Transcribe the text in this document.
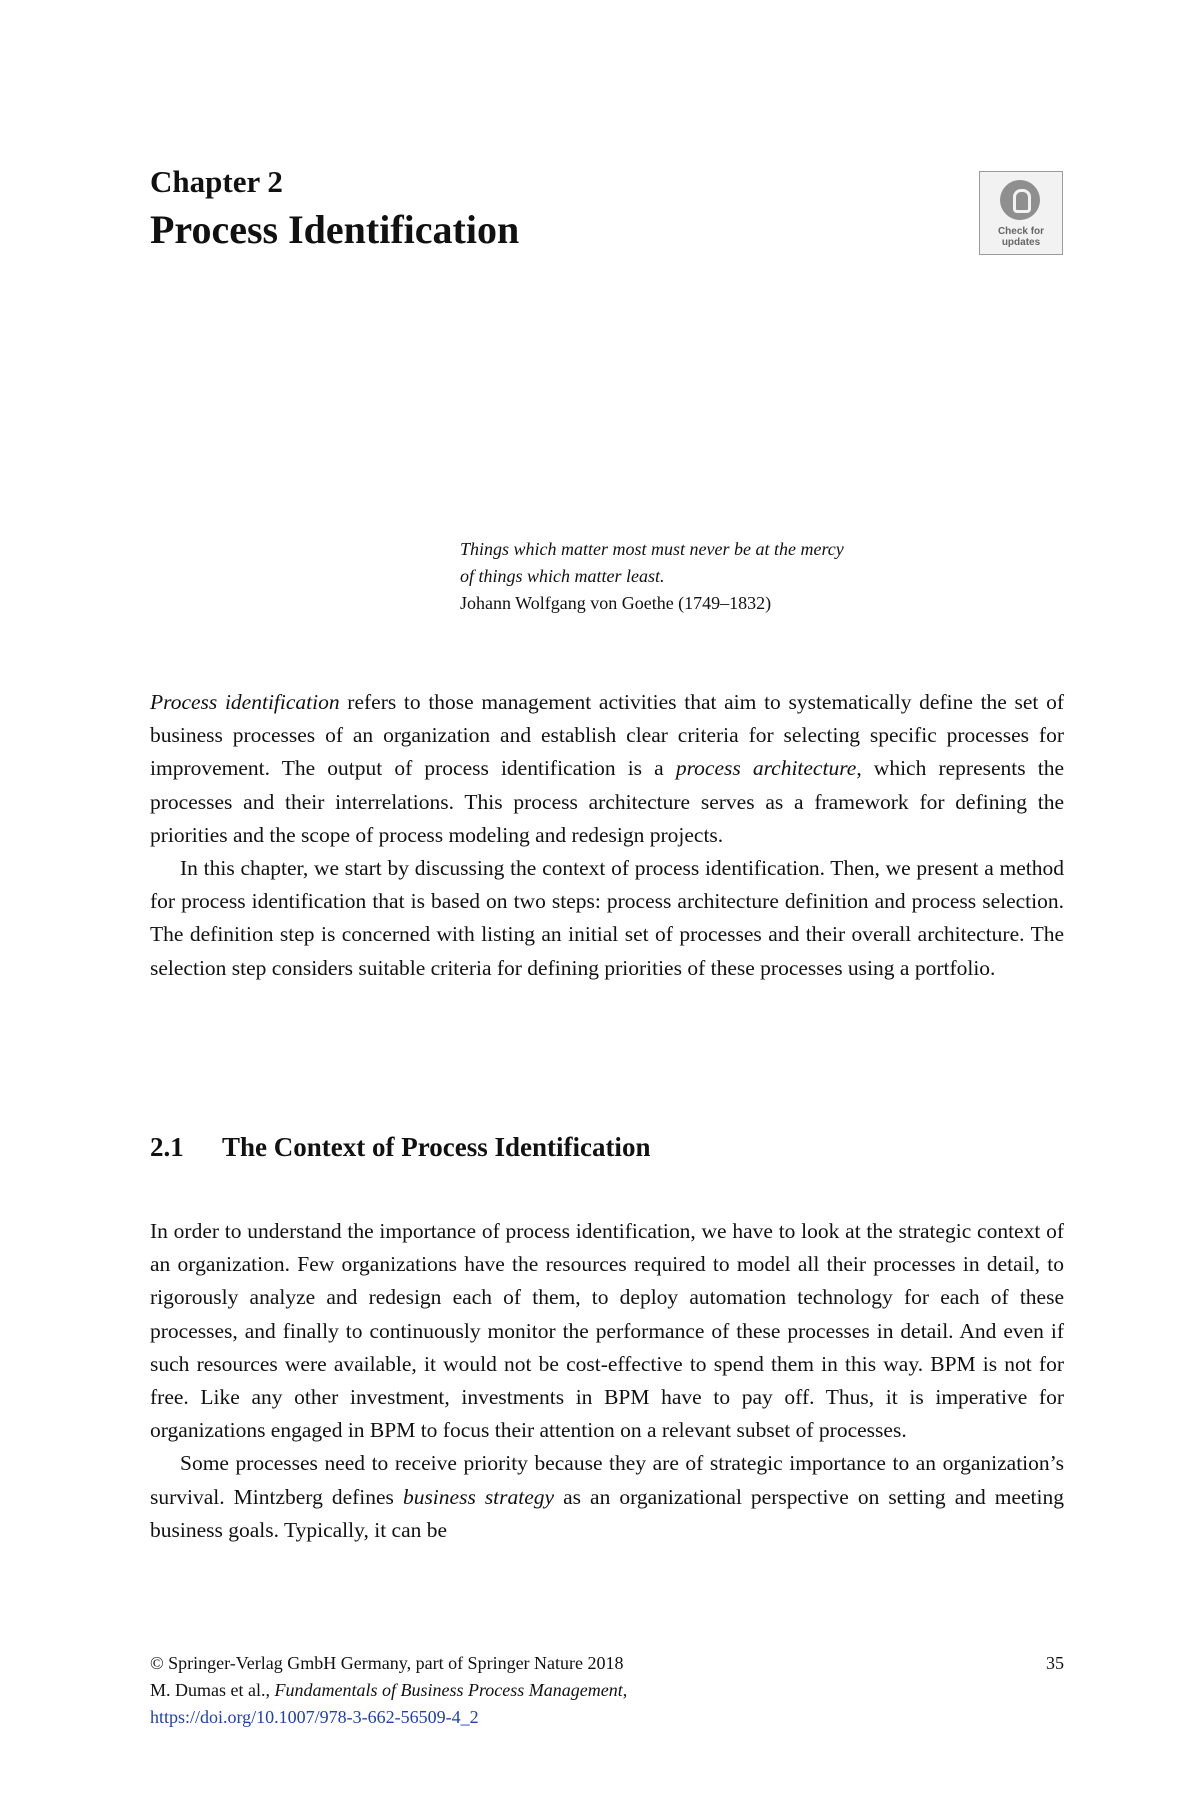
Chapter 2
Process Identification	Check for updates
Things which matter most must never be at the mercy
of things which matter least.
Johann Wolfgang von Goethe (1749–1832)

Process identification refers to those management activities that aim to systematically define the set of business processes of an organization and establish clear criteria for selecting specific processes for improvement. The output of process identification is a process architecture, which represents the processes and their interrelations. This process architecture serves as a framework for defining the priorities and the scope of process modeling and redesign projects.

In this chapter, we start by discussing the context of process identification. Then, we present a method for process identification that is based on two steps: process architecture definition and process selection. The definition step is concerned with listing an initial set of processes and their overall architecture. The selection step considers suitable criteria for defining priorities of these processes using a portfolio.

2.1 The Context of Process Identification

In order to understand the importance of process identification, we have to look at the strategic context of an organization. Few organizations have the resources required to model all their processes in detail, to rigorously analyze and redesign each of them, to deploy automation technology for each of these processes, and finally to continuously monitor the performance of these processes in detail. And even if such resources were available, it would not be cost-effective to spend them in this way. BPM is not for free. Like any other investment, investments in BPM have to pay off. Thus, it is imperative for organizations engaged in BPM to focus their attention on a relevant subset of processes.

Some processes need to receive priority because they are of strategic importance to an organization’s survival. Mintzberg defines business strategy as an organizational perspective on setting and meeting business goals. Typically, it can be

© Springer-Verlag GmbH Germany, part of Springer Nature 2018
M. Dumas et al., Fundamentals of Business Process Management,
https://doi.org/10.1007/978-3-662-56509-4_2
35
